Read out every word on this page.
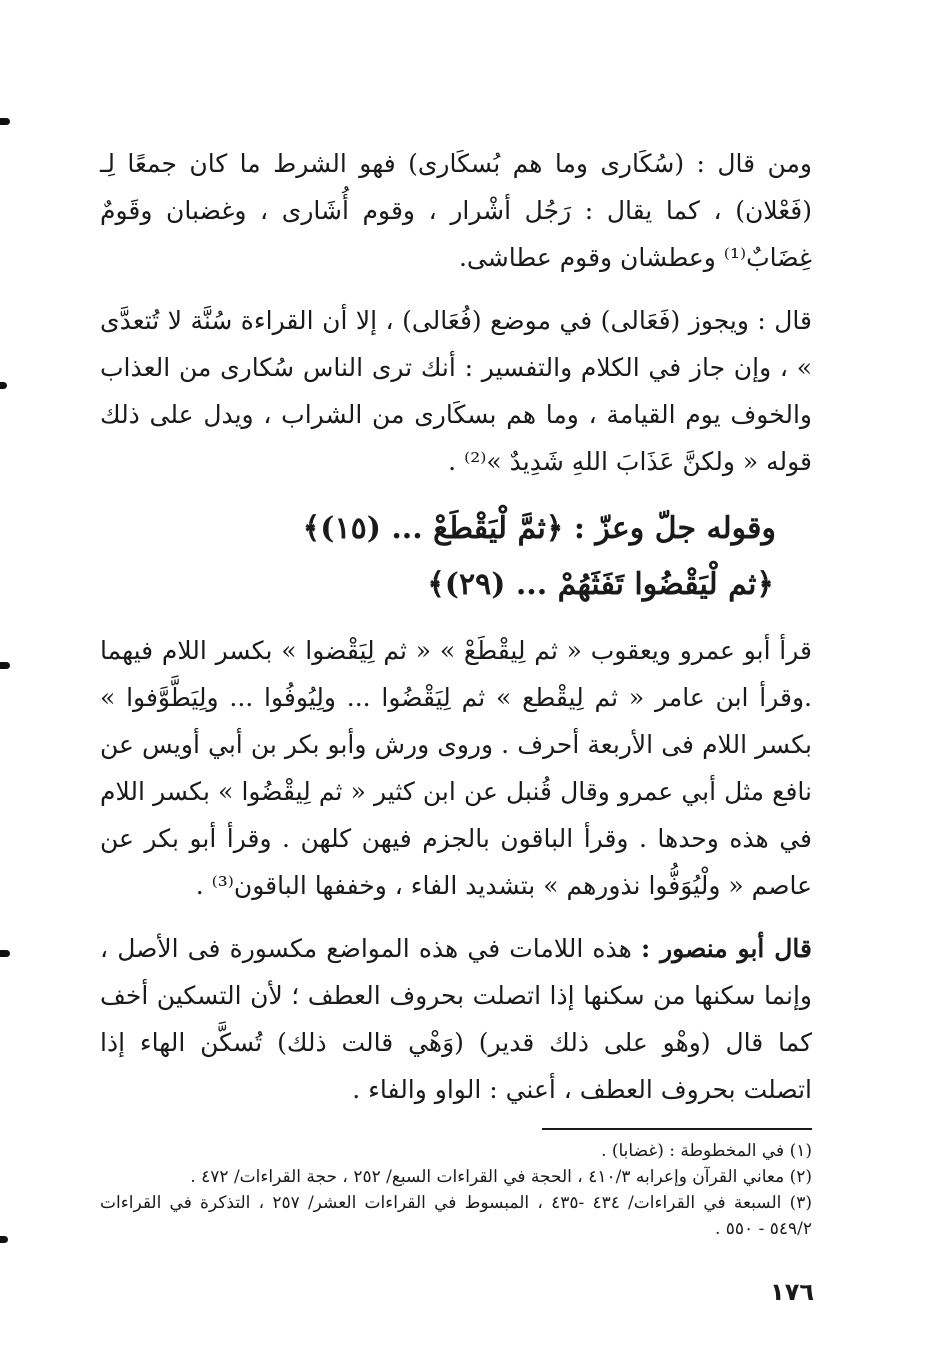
ومن قال : (سُكَارى وما هم بُسكَارى) فهو الشرط ما كان جمعًا لِـ (فَعْلان) ، كما يقال : رَجُل أشْرار ، وقوم أُشَارى ، وغضبان وقَومٌ غِضَابٌ⁽¹⁾ وعطشان وقوم عطاشى.

قال : ويجوز (فَعَالى) في موضع (فُعَالى) ، إلا أن القراءة سُنَّة لا تُتعدَّى » ، وإن جاز في الكلام والتفسير : أنك ترى الناس سُكارى من العذاب والخوف يوم القيامة ، وما هم بسكَارى من الشراب ، ويدل على ذلك قوله « ولكنَّ عَذَابَ اللهِ شَدِيدٌ »⁽²⁾ .

وقوله جلّ وعزّ : ﴿ثمَّ لْيَقْطَعْ ... (١٥)﴾
﴿ثم لْيَقْضُوا تَفَثَهُمْ ... (٢٩)﴾

قرأ أبو عمرو ويعقوب « ثم لِيقْطَعْ » « ثم لِيَقْضوا » بكسر اللام فيهما .وقرأ ابن عامر « ثم لِيقْطع » ثم لِيَقْضُوا ... ولِيُوفُوا ... ولِيَطَّوَّفوا » بكسر اللام فى الأربعة أحرف . وروى ورش وأبو بكر بن أبي أويس عن نافع مثل أبي عمرو وقال قُنبل عن ابن كثير « ثم لِيقْضُوا » بكسر اللام في هذه وحدها . وقرأ الباقون بالجزم فيهن كلهن . وقرأ أبو بكر عن عاصم « ولْيُوَفُّوا نذورهم » بتشديد الفاء ، وخففها الباقون⁽³⁾ .

قال أبو منصور : هذه اللامات في هذه المواضع مكسورة فى الأصل ، وإنما سكنها من سكنها إذا اتصلت بحروف العطف ؛ لأن التسكين أخف كما قال (وهْو على ذلك قدير) (وَهْي قالت ذلك) تُسكَّن الهاء إذا اتصلت بحروف العطف ، أعني : الواو والفاء .

(١) في المخطوطة : (غضابا) .
(٢) معاني القرآن وإعرابه ٤١٠/٣ ، الحجة في القراءات السبع/ ٢٥٢ ، حجة القراءات/ ٤٧٢ .
(٣) السبعة في القراءات/ ٤٣٤ -٤٣٥ ، المبسوط في القراءات العشر/ ٢٥٧ ، التذكرة في القراءات ٥٤٩/٢ - ٥٥٠ .
١٧٦
